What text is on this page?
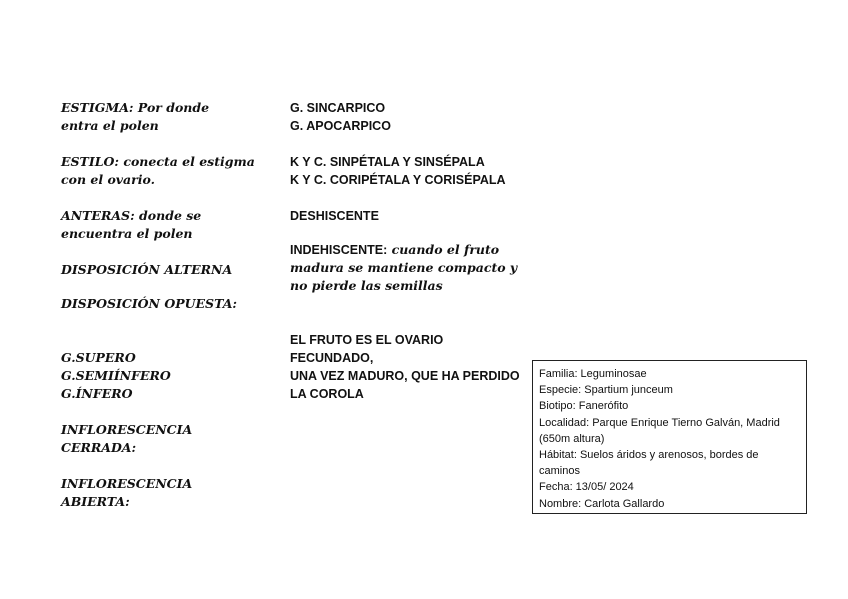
ESTIGMA: Por donde
entra el polen

ESTILO: conecta el estigma
con el ovario.

ANTERAS: donde se
encuentra el polen

DISPOSICIÓN ALTERNA

DISPOSICIÓN OPUESTA:

G.SUPERO
G.SEMIÍNFERO
G.ÍNFERO

INFLORESCENCIA
CERRADA:

INFLORESCENCIA
ABIERTA:

G. SINCARPICO
G. APOCARPICO

K Y C. SINPÉTALA Y SINSÉPALA
K Y C. CORIPÉTALA Y CORISÉPALA

DESHISCENTE

INDEHISCENTE: cuando el fruto
madura se mantiene compacto y
no pierde las semillas

EL FRUTO ES EL OVARIO FECUNDADO,
UNA VEZ MADURO, QUE HA PERDIDO
LA COROLA

Familia: Leguminosae

Especie: Spartium junceum

Biotipo: Fanerófito

Localidad: Parque Enrique Tierno Galván, Madrid (650m altura)

Hábitat: Suelos áridos y arenosos, bordes de caminos

Fecha: 13/05/ 2024

Nombre: Carlota Gallardo
